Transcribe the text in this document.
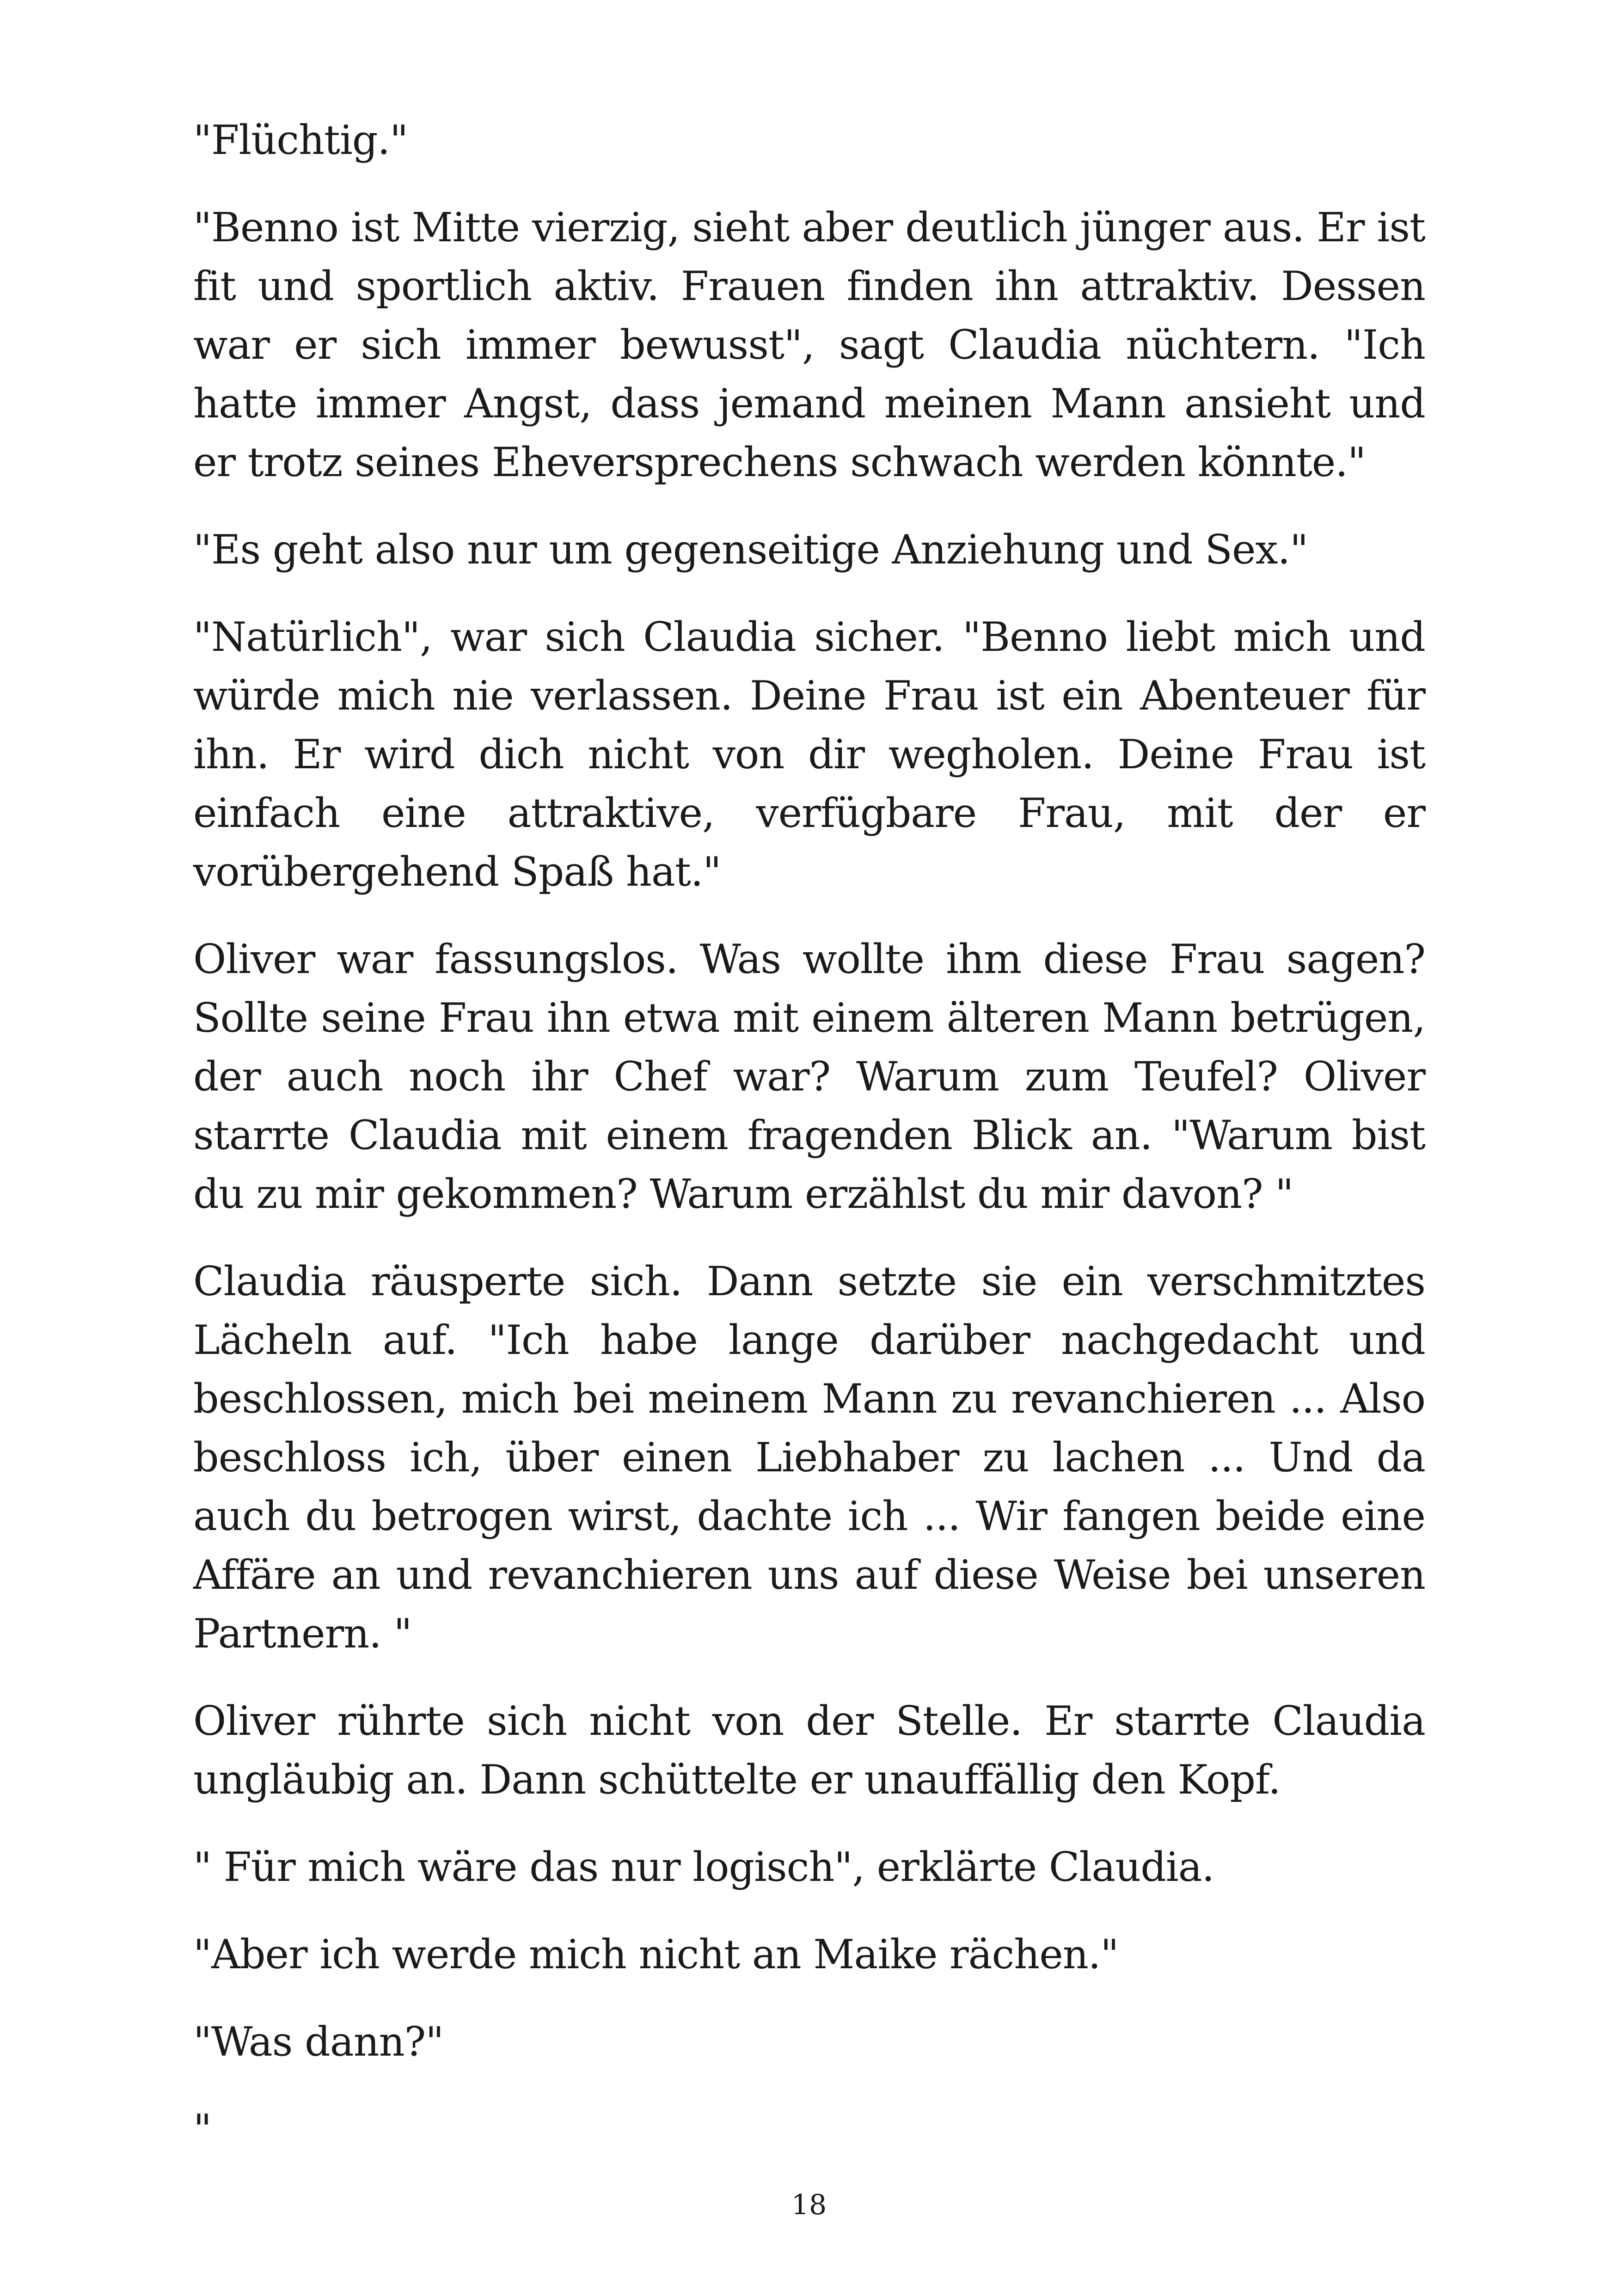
"Flüchtig."

"Benno ist Mitte vierzig, sieht aber deutlich jünger aus. Er ist fit und sportlich aktiv. Frauen finden ihn attraktiv. Dessen war er sich immer bewusst", sagt Claudia nüchtern. "Ich hatte immer Angst, dass jemand meinen Mann ansieht und er trotz seines Eheversprechens schwach werden könnte."

"Es geht also nur um gegenseitige Anziehung und Sex."

"Natürlich", war sich Claudia sicher. "Benno liebt mich und würde mich nie verlassen. Deine Frau ist ein Abenteuer für ihn. Er wird dich nicht von dir wegholen. Deine Frau ist einfach eine attraktive, verfügbare Frau, mit der er vorübergehend Spaß hat."

Oliver war fassungslos. Was wollte ihm diese Frau sagen? Sollte seine Frau ihn etwa mit einem älteren Mann betrügen, der auch noch ihr Chef war? Warum zum Teufel? Oliver starrte Claudia mit einem fragenden Blick an. "Warum bist du zu mir gekommen? Warum erzählst du mir davon? "

Claudia räusperte sich. Dann setzte sie ein verschmitztes Lächeln auf. "Ich habe lange darüber nachgedacht und beschlossen, mich bei meinem Mann zu revanchieren ... Also beschloss ich, über einen Liebhaber zu lachen ... Und da auch du betrogen wirst, dachte ich ... Wir fangen beide eine Affäre an und revanchieren uns auf diese Weise bei unseren Partnern. "

Oliver rührte sich nicht von der Stelle. Er starrte Claudia ungläubig an. Dann schüttelte er unauffällig den Kopf.

" Für mich wäre das nur logisch", erklärte Claudia.

"Aber ich werde mich nicht an Maike rächen."

"Was dann?"

"

18
